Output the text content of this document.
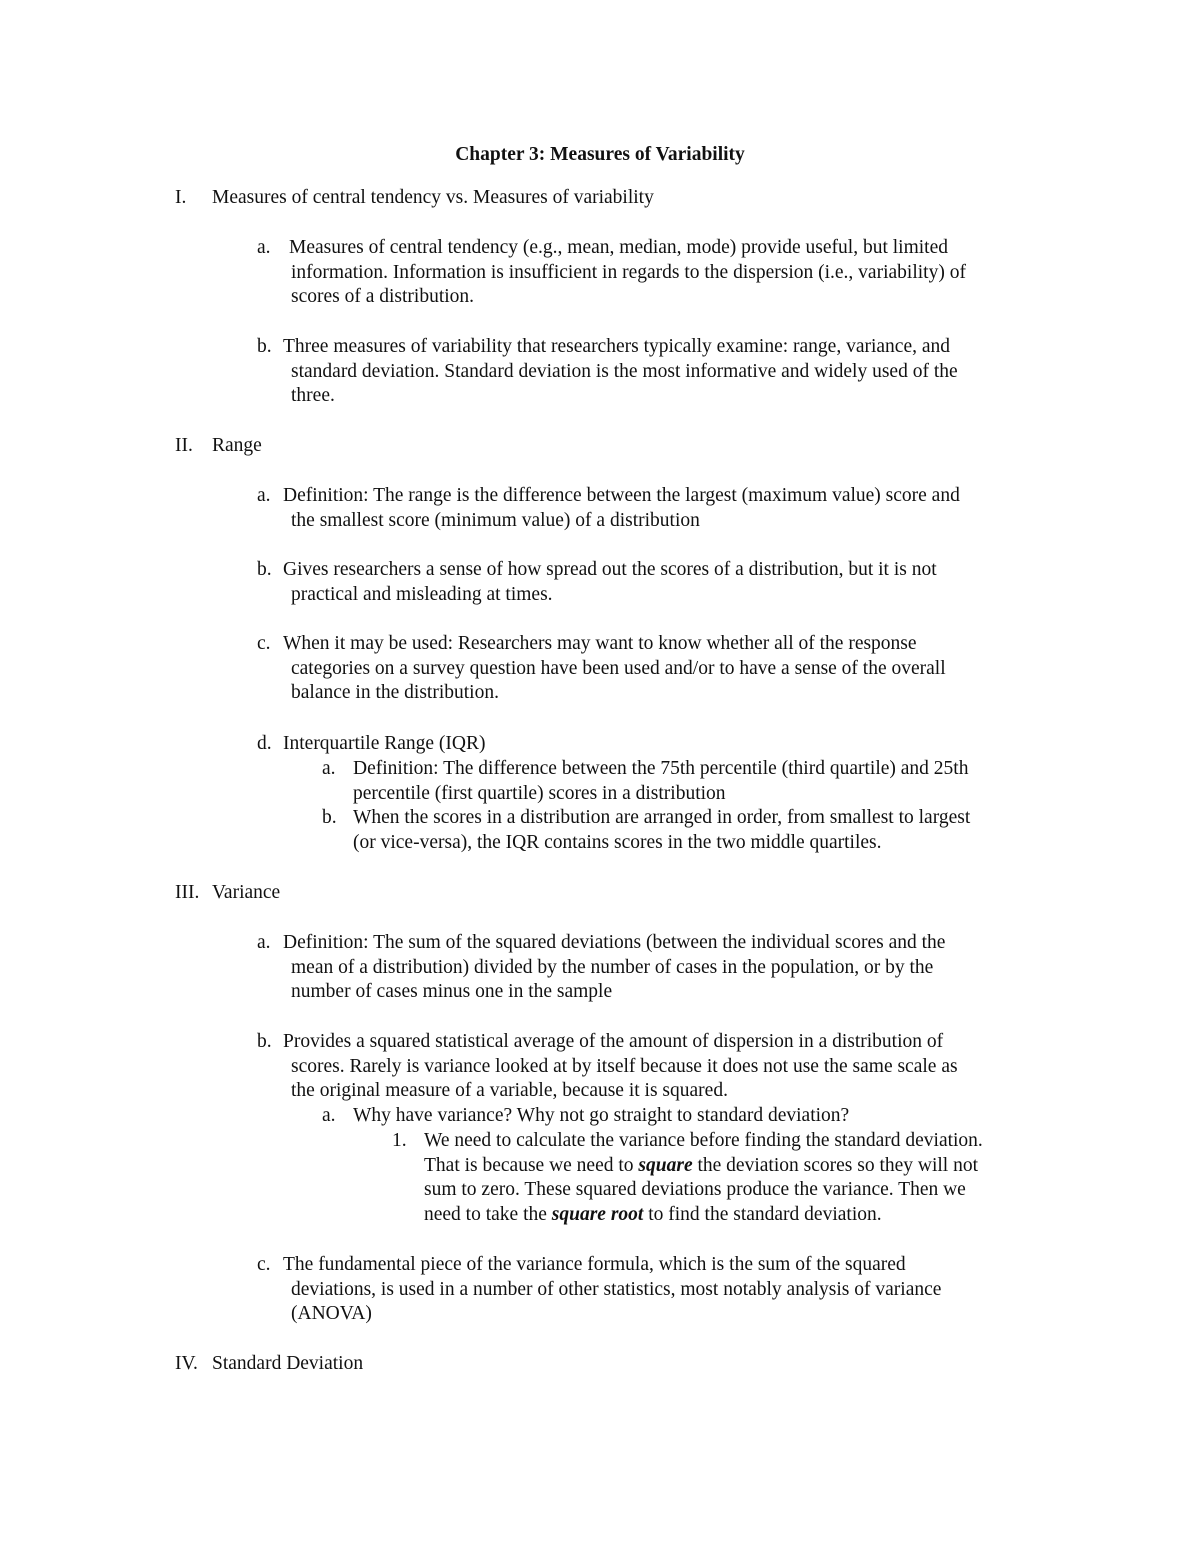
Chapter 3: Measures of Variability
I. Measures of central tendency vs. Measures of variability
a. Measures of central tendency (e.g., mean, median, mode) provide useful, but limited
information. Information is insufficient in regards to the dispersion (i.e., variability) of
scores of a distribution.
b. Three measures of variability that researchers typically examine: range, variance, and
standard deviation. Standard deviation is the most informative and widely used of the
three.
II. Range
a. Definition: The range is the difference between the largest (maximum value) score and
the smallest score (minimum value) of a distribution
b. Gives researchers a sense of how spread out the scores of a distribution, but it is not
practical and misleading at times.
c. When it may be used: Researchers may want to know whether all of the response
categories on a survey question have been used and/or to have a sense of the overall
balance in the distribution.
d. Interquartile Range (IQR)
a. Definition: The difference between the 75th percentile (third quartile) and 25th
percentile (first quartile) scores in a distribution
b. When the scores in a distribution are arranged in order, from smallest to largest
(or vice-versa), the IQR contains scores in the two middle quartiles.
III. Variance
a. Definition: The sum of the squared deviations (between the individual scores and the
mean of a distribution) divided by the number of cases in the population, or by the
number of cases minus one in the sample
b. Provides a squared statistical average of the amount of dispersion in a distribution of
scores. Rarely is variance looked at by itself because it does not use the same scale as
the original measure of a variable, because it is squared.
a. Why have variance? Why not go straight to standard deviation?
1. We need to calculate the variance before finding the standard deviation.
That is because we need to square the deviation scores so they will not
sum to zero. These squared deviations produce the variance. Then we
need to take the square root to find the standard deviation.
c. The fundamental piece of the variance formula, which is the sum of the squared
deviations, is used in a number of other statistics, most notably analysis of variance
(ANOVA)
IV. Standard Deviation
